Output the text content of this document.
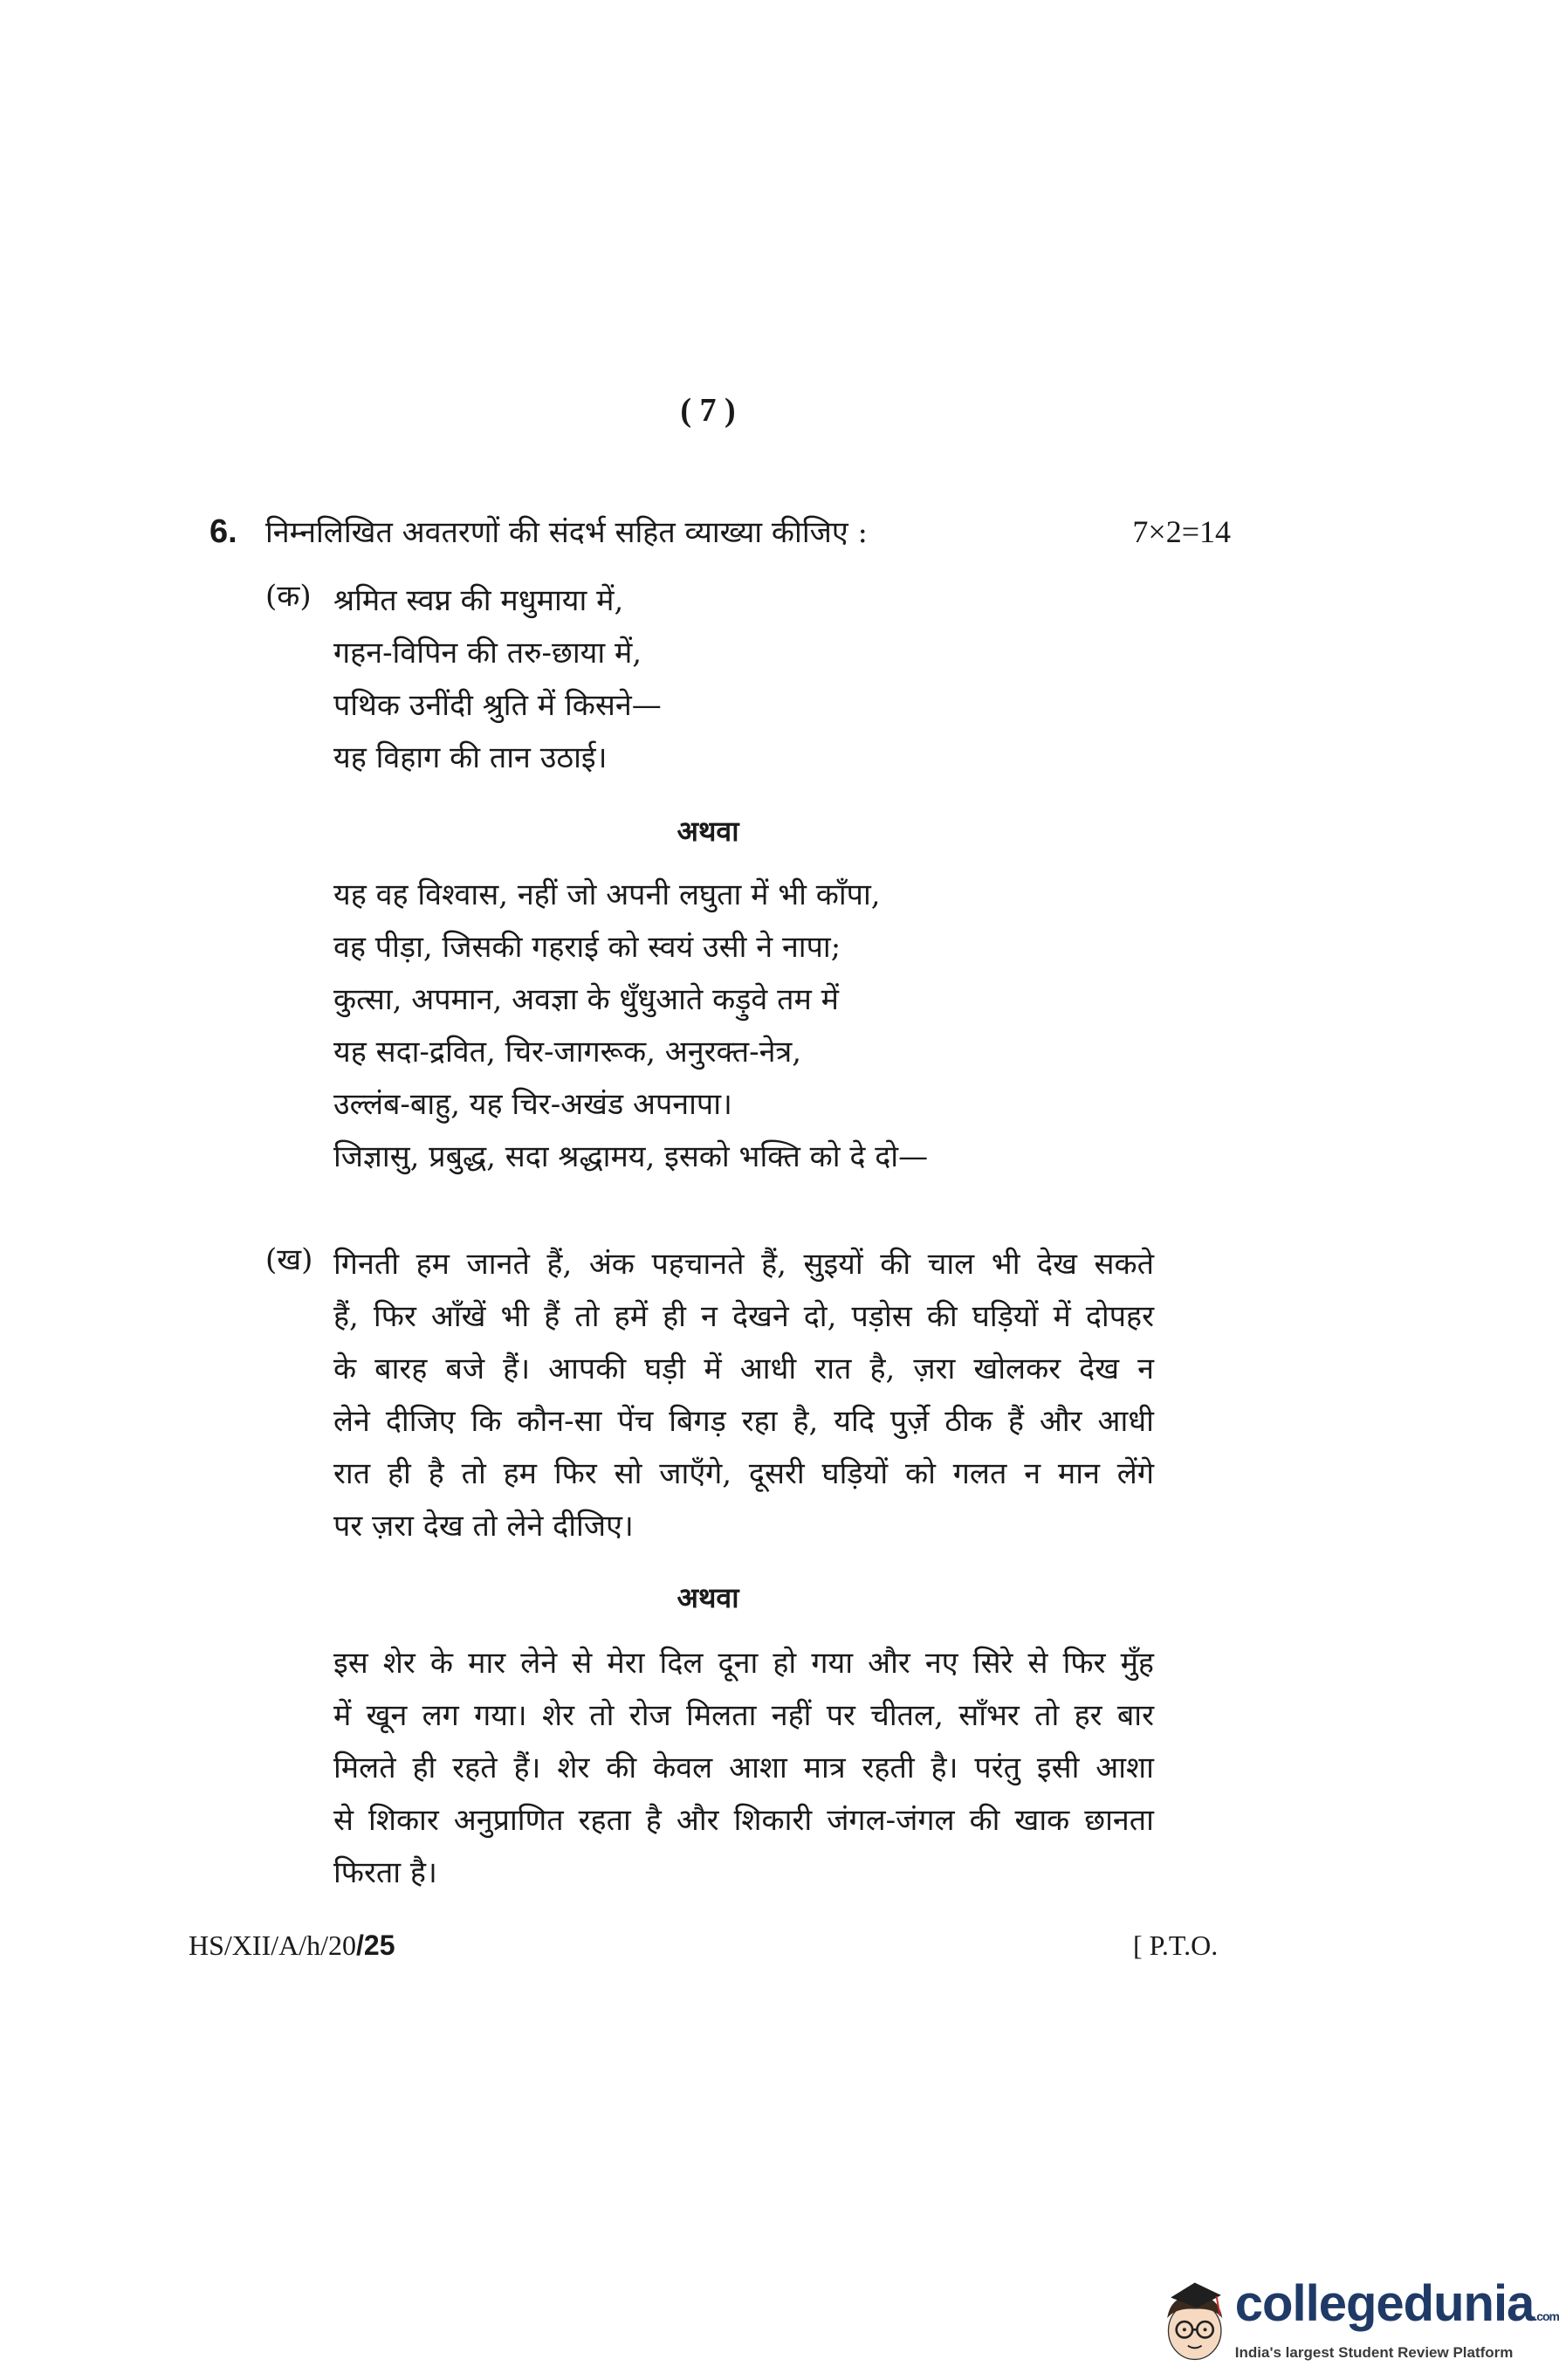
( 7 )
6. निम्नलिखित अवतरणों की संदर्भ सहित व्याख्या कीजिए :	7×2=14
(क) श्रमित स्वप्न की मधुमाया में,
गहन-विपिन की तरु-छाया में,
पथिक उनींदी श्रुति में किसने—
यह विहाग की तान उठाई।
अथवा
यह वह विश्वास, नहीं जो अपनी लघुता में भी काँपा,
वह पीड़ा, जिसकी गहराई को स्वयं उसी ने नापा;
कुत्सा, अपमान, अवज्ञा के धुँधुआते कड़ुवे तम में
यह सदा-द्रवित, चिर-जागरूक, अनुरक्त-नेत्र,
उल्लंब-बाहु, यह चिर-अखंड अपनापा।
जिज्ञासु, प्रबुद्ध, सदा श्रद्धामय, इसको भक्ति को दे दो—
(ख) गिनती हम जानते हैं, अंक पहचानते हैं, सुइयों की चाल भी देख सकते
हैं, फिर आँखें भी हैं तो हमें ही न देखने दो, पड़ोस की घड़ियों में दोपहर
के बारह बजे हैं। आपकी घड़ी में आधी रात है, ज़रा खोलकर देख न
लेने दीजिए कि कौन-सा पेंच बिगड़ रहा है, यदि पुर्ज़े ठीक हैं और आधी
रात ही है तो हम फिर सो जाएँगे, दूसरी घड़ियों को गलत न मान लेंगे
पर ज़रा देख तो लेने दीजिए।
अथवा
इस शेर के मार लेने से मेरा दिल दूना हो गया और नए सिरे से फिर मुँह
में खून लग गया। शेर तो रोज मिलता नहीं पर चीतल, साँभर तो हर बार
मिलते ही रहते हैं। शेर की केवल आशा मात्र रहती है। परंतु इसी आशा
से शिकार अनुप्राणित रहता है और शिकारी जंगल-जंगल की खाक छानता
फिरता है।
HS/XII/A/h/20/25	[ P.T.O.
collegedunia.com
India's largest Student Review Platform
